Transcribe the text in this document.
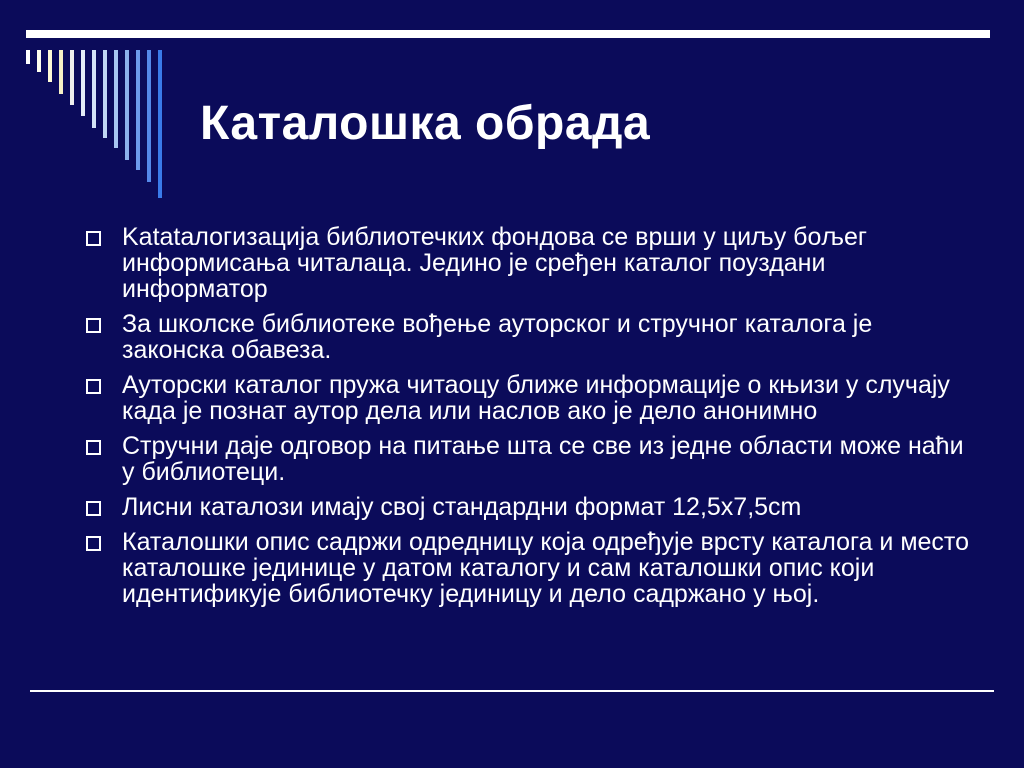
Каталошка обрада
Katataлогизација библиотечких фондова се врши у циљу бољег информисања читалаца. Једино је сређен каталог поуздани информатор
За школске библиотеке вођење ауторског и стручног каталога је законска обавеза.
Ауторски каталог пружа читаоцу ближе информације о књизи у случају када је познат аутор дела или наслов ако је дело анонимно
Стручни даје одговор на питање шта се све из једне области може наћи у библиотеци.
Лисни каталози имају свој стандардни формат 12,5x7,5cm
Каталошки опис садржи одредницу која одређује врсту каталога и место каталошке јединице у датом каталогу и сам каталошки опис који идентификује библиотечку јединицу и дело садржано у њој.
